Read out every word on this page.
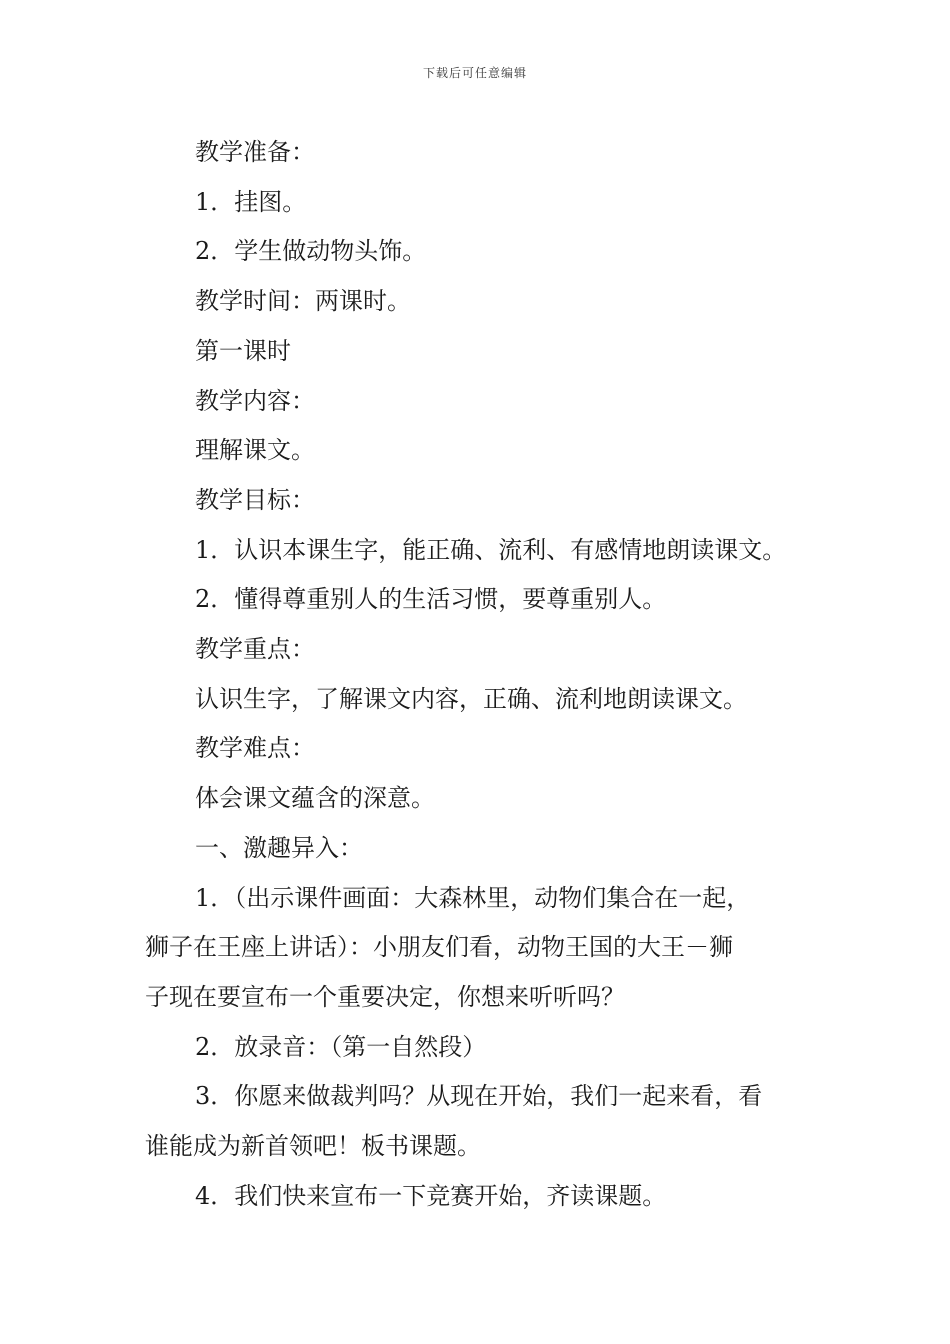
下载后可任意编辑
教学准备：
1．挂图。
2．学生做动物头饰。
教学时间：两课时。
第一课时
教学内容：
理解课文。
教学目标：
1．认识本课生字，能正确、流利、有感情地朗读课文。
2．懂得尊重别人的生活习惯，要尊重别人。
教学重点：
认识生字，了解课文内容，正确、流利地朗读课文。
教学难点：
体会课文蕴含的深意。
一、激趣异入：
1．（出示课件画面：大森林里，动物们集合在一起，
狮子在王座上讲话）：小朋友们看，动物王国的大王－狮
子现在要宣布一个重要决定，你想来听听吗？
2．放录音：（第一自然段）
3．你愿来做裁判吗？从现在开始，我们一起来看，看
谁能成为新首领吧！板书课题。
4．我们快来宣布一下竞赛开始，齐读课题。
